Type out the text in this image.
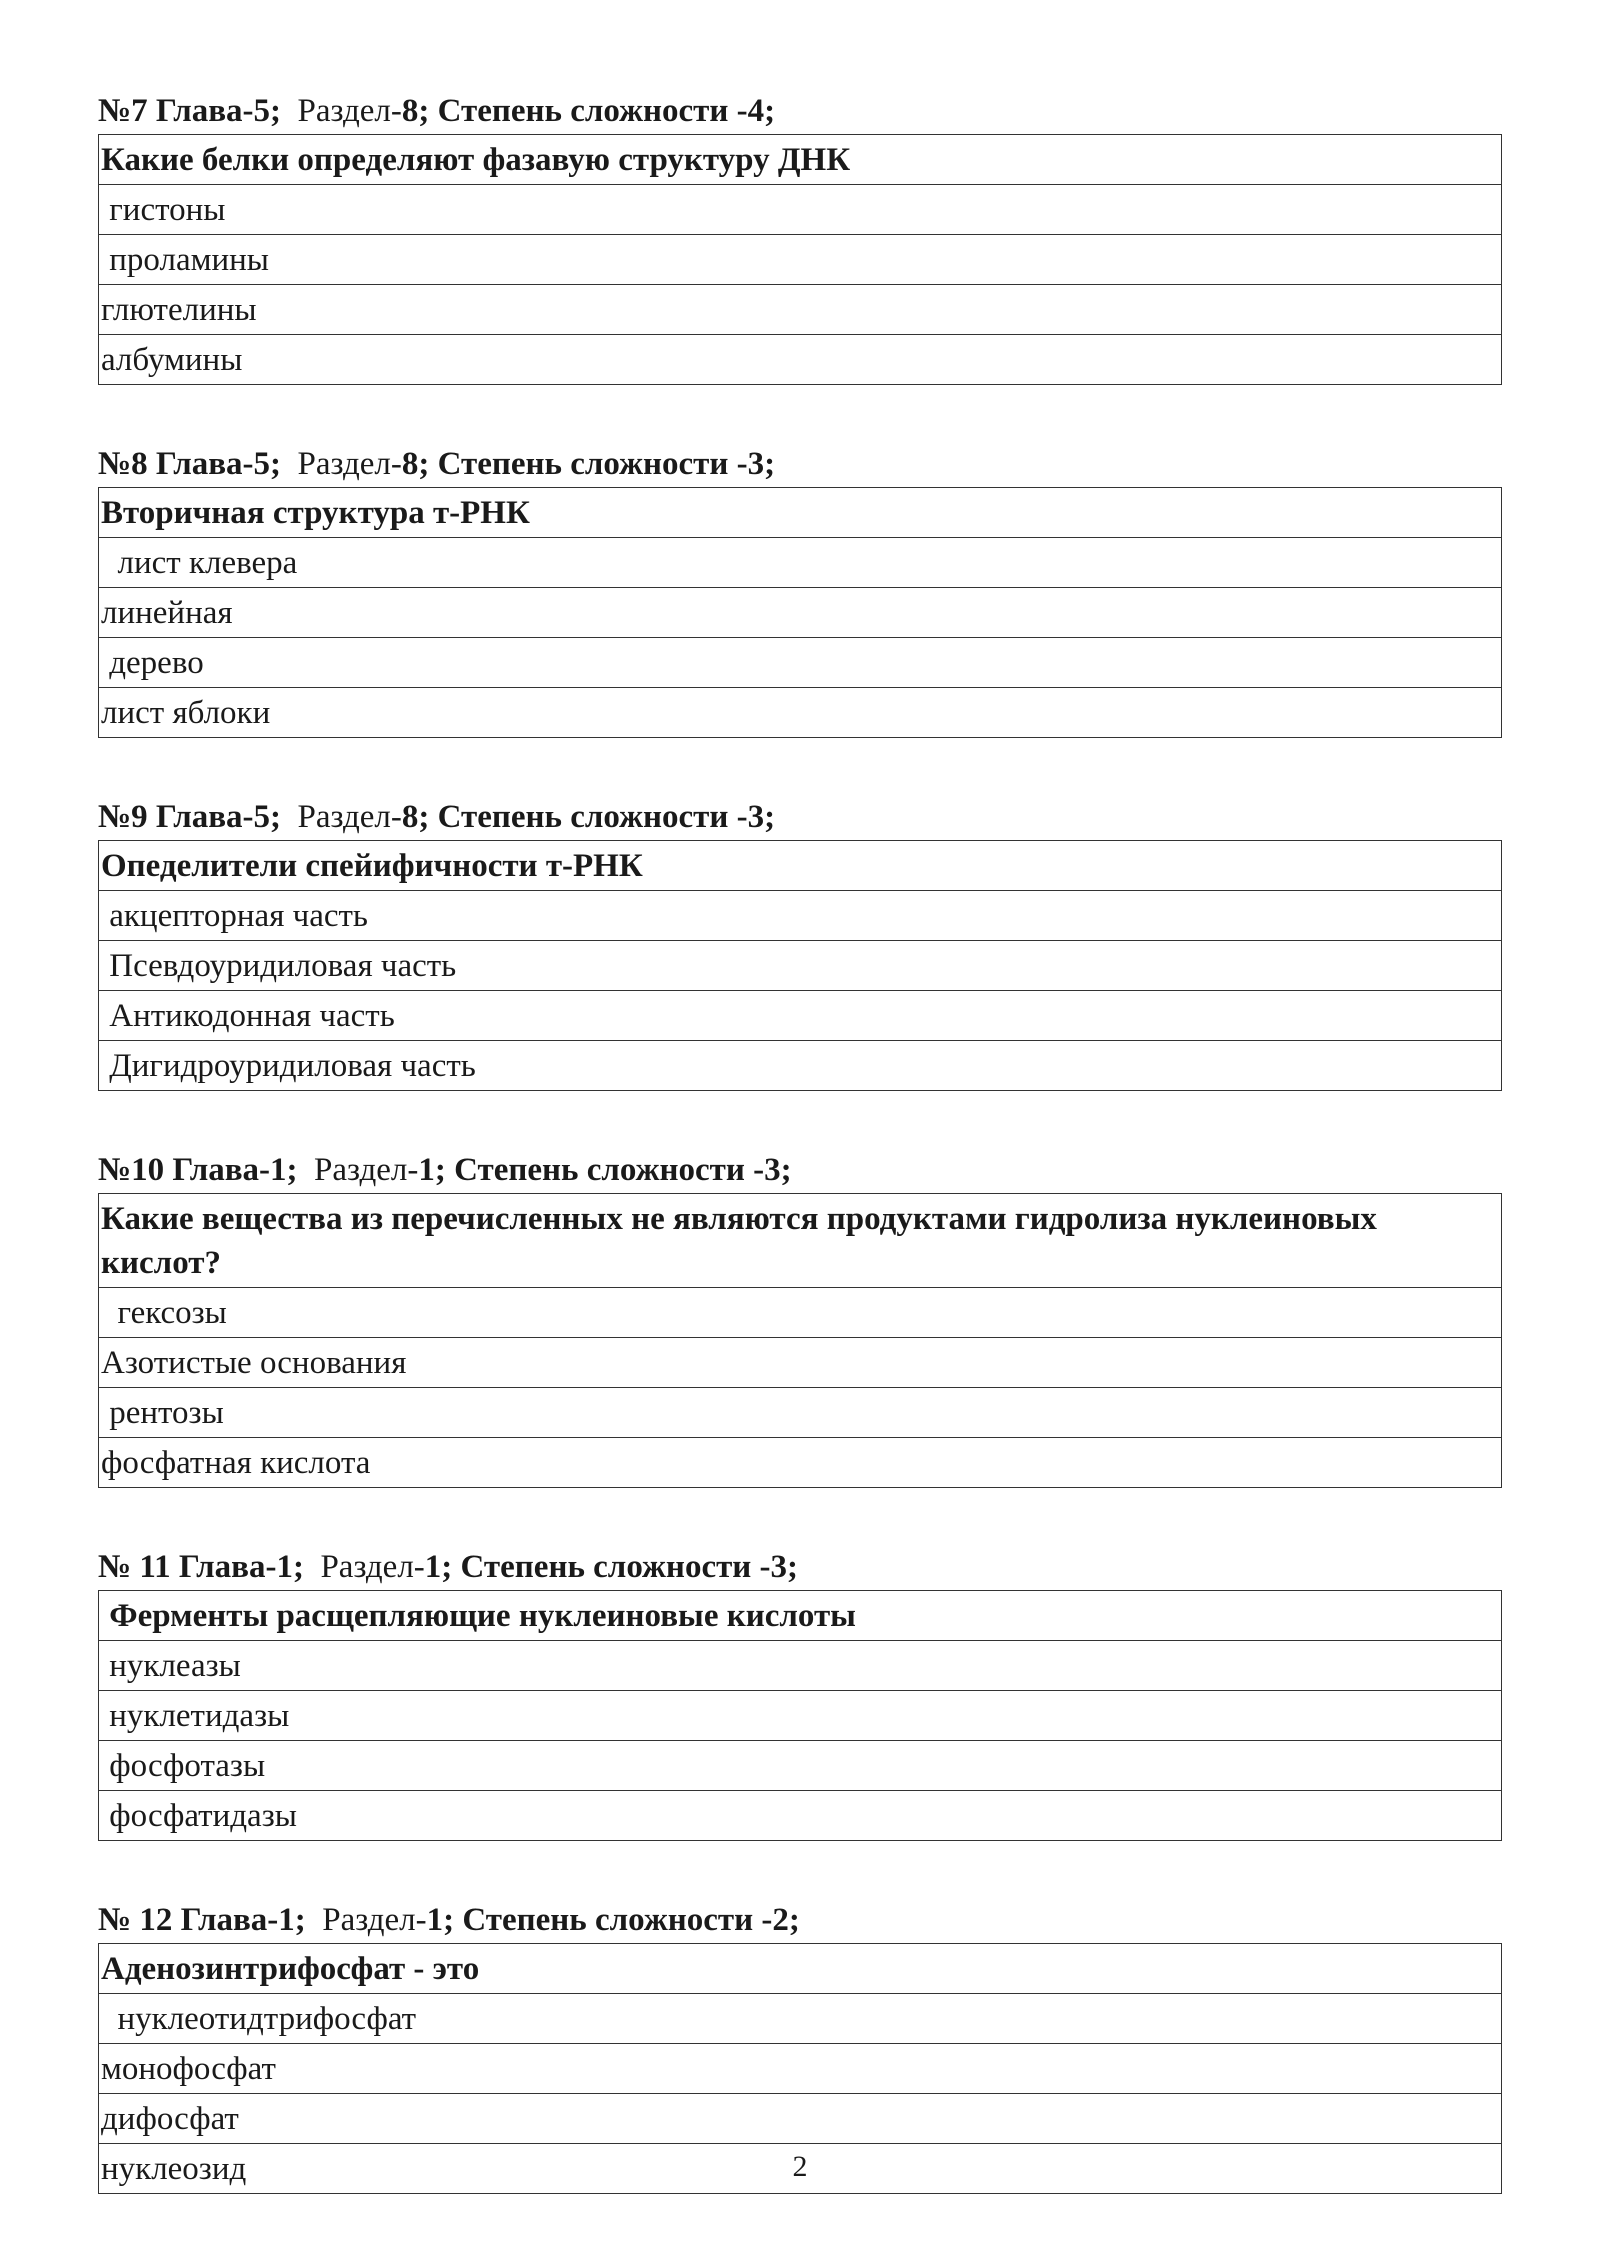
№7 Глава-5; Раздел-8; Степень сложности -4;
Какие белки определяют фазавую структуру ДНК
гистоны
проламины
глютелины
албумины
№8 Глава-5; Раздел-8; Степень сложности -3;
Вторичная структура т-РНК
лист клевера
линейная
дерево
лист яблоки
№9 Глава-5; Раздел-8; Степень сложности -3;
Опеделители спейифичности т-РНК
акцепторная часть
Псевдоуридиловая часть
Антикодонная часть
Дигидроуридиловая часть
№10 Глава-1; Раздел-1; Степень сложности -3;
Какие вещества из перечисленных не являются продуктами гидролиза нуклеиновых кислот?
гексозы
Азотистые основания
рентозы
фосфатная кислота
№ 11 Глава-1; Раздел-1; Степень сложности -3;
Ферменты расщепляющие нуклеиновые кислоты
нуклеазы
нуклетидазы
фосфотазы
фосфатидазы
№ 12 Глава-1; Раздел-1; Степень сложности -2;
Аденозинтрифосфат - это
нуклеотидтрифосфат
монофосфат
дифосфат
нуклеозид	2
